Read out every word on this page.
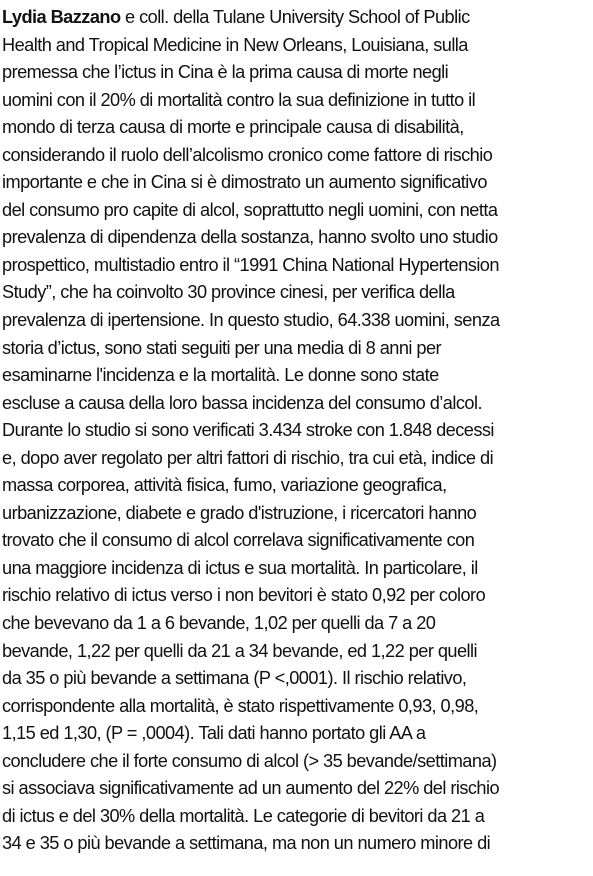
Lydia Bazzano e coll. della Tulane University School of Public
Health and Tropical Medicine in New Orleans, Louisiana, sulla
premessa che l’ictus in Cina è la prima causa di morte negli
uomini con il 20% di mortalità contro la sua definizione in tutto il
mondo di terza causa di morte e principale causa di disabilità,
considerando il ruolo dell’alcolismo cronico come fattore di rischio
importante e che in Cina si è dimostrato un aumento significativo
del consumo pro capite di alcol, soprattutto negli uomini, con netta
prevalenza di dipendenza della sostanza, hanno svolto uno studio
prospettico, multistadio entro il “1991 China National Hypertension
Study”, che ha coinvolto 30 province cinesi, per verifica della
prevalenza di ipertensione. In questo studio, 64.338 uomini, senza
storia d’ictus, sono stati seguiti per una media di 8 anni per
esaminarne l'incidenza e la mortalità. Le donne sono state
escluse a causa della loro bassa incidenza del consumo d’alcol.
Durante lo studio si sono verificati 3.434 stroke con 1.848 decessi
e, dopo aver regolato per altri fattori di rischio, tra cui età, indice di
massa corporea, attività fisica, fumo, variazione geografica,
urbanizzazione, diabete e grado d'istruzione, i ricercatori hanno
trovato che il consumo di alcol correlava significativamente con
una maggiore incidenza di ictus e sua mortalità. In particolare, il
rischio relativo di ictus verso i non bevitori è stato 0,92 per coloro
che bevevano da 1 a 6 bevande, 1,02 per quelli da 7 a 20
bevande, 1,22 per quelli da 21 a 34 bevande, ed 1,22 per quelli
da 35 o più bevande a settimana (P <,0001). Il rischio relativo,
corrispondente alla mortalità, è stato rispettivamente 0,93, 0,98,
1,15 ed 1,30, (P = ,0004). Tali dati hanno portato gli AA a
concludere che il forte consumo di alcol (> 35 bevande/settimana)
si associava significativamente ad un aumento del 22% del rischio
di ictus e del 30% della mortalità. Le categorie di bevitori da 21 a
34 e 35 o più bevande a settimana, ma non un numero minore di
